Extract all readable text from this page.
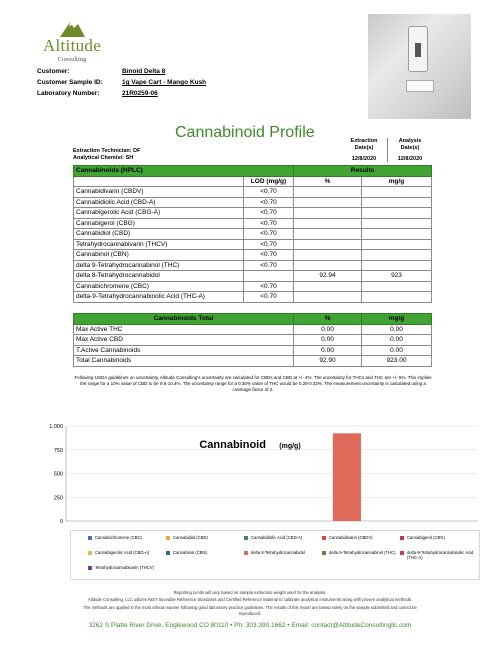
Altitude
Consulting
Customer:	Binoid Delta 8
Customer Sample ID:	1g Vape Cart - Mango Kush
Laboratory Number:	21R0259-06
Cannabinoid Profile
Extraction Technician: DF
Analytical Chemist: SH
Extraction Date(s)
Analysis Date(s)
12/8/2020	12/8/2020
Cannabinoids (HPLC)		Results	
	LOD (mg/g)	%	mg/g
Cannabidivarin (CBDV)	<0.70		
Cannabidiolic Acid (CBD-A)	<0.70		
Cannabigerolic Acid (CBG-A)	<0.70		
Cannabigerol (CBG)	<0.70		
Cannabidiol (CBD)	<0.70		
Tetrahydrocannabivarin (THCV)	<0.70		
Cannabinol (CBN)	<0.70		
delta 9-Tetrahydrocannabinol (THC)	<0.70		
delta 8-Tetrahydrocannabidol		92.94	923
Cannabichromene (CBC)	<0.70		
delta-9-Tetrahydrocannabinolic Acid (THC-A)	<0.70		
Cannabinoids Total	%	mg/g
Max Active THC	0.00	0.00
Max Active CBD	0.00	0.00
T.Active Cannabinoids	0.00	0.00
Total Cannabinoids	92.90	923.00
Following USDA guidelines on uncertainty, Altitude Consulting's uncertainty are calculated for CBDs and CBD at +/- 4%. The uncertainty for THCs and THC are +/- 5%. This implies the range for a 10% value of CBD to be 9.6-10.4%. The uncertainty range for a 0.30% value of THC would be 0.28-0.32%. The measurement uncertainty is calculated using a coverage factor of 2.
Cannabinoid (mg/g)
0
250
500
750
1,000
Cannabichromene (CBC)	Cannabidiol (CBD)	Cannabidiolic Acid (CBD-A)	Cannabidivarin (CBDV)	Cannabigerol (CBG)
Cannabigerolic Acid (CBG-A)	Cannabinol (CBN)	delta 8-Tetrahydrocannabidol	delta 9-Tetrahydrocannabinol (THC)	delta-9-Tetrahydrocannabinolic Acid (THC-A)
Tetrahydrocannabivarin (THCV)
Reporting Limits will vary based on sample extraction weight used for the analysis.
Altitude Consulting, LLC utilizes NIST traceable Reference Standards and Certified Reference Material to calibrate analytical instruments along with proven analytical methods.
The methods are applied in the most ethical manner following good laboratory practice guidelines. The results of this report are based solely on the sample submitted and cannot be
reproduced.
3262 S Platte River Drive, Englewood CO 80110 • Ph: 303.390.1662 • Email: contact@AltitudeConsultingllc.com
